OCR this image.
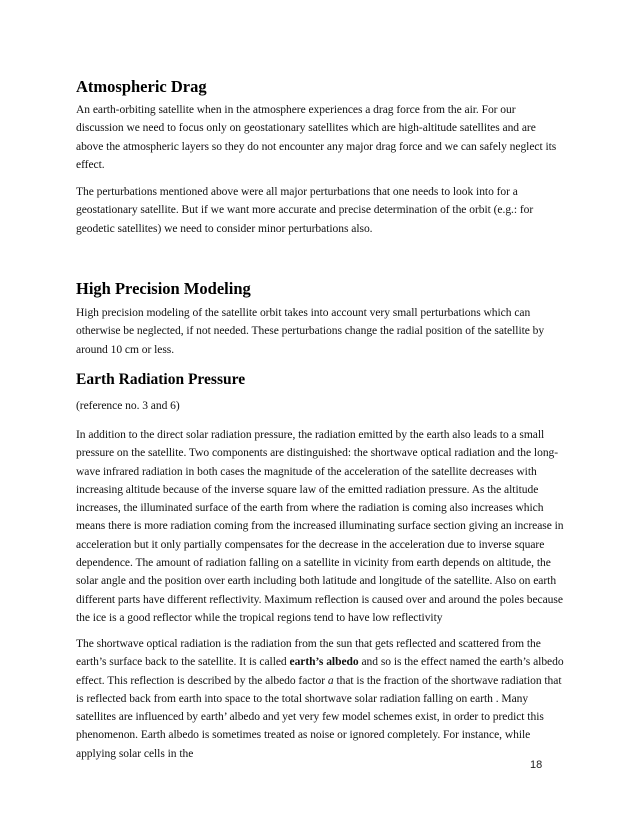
Atmospheric Drag

An earth-orbiting satellite when in the atmosphere experiences a drag force from the air. For our discussion we need to focus only on geostationary satellites which are high-altitude satellites and are above the atmospheric layers so they do not encounter any major drag force and we can safely neglect its effect.

The perturbations mentioned above were all major perturbations that one needs to look into for a geostationary satellite. But if we want more accurate and precise determination of the orbit (e.g.: for geodetic satellites) we need to consider minor perturbations also.

High Precision Modeling

High precision modeling of the satellite orbit takes into account very small perturbations which can otherwise be neglected, if not needed. These perturbations change the radial position of the satellite by around 10 cm or less.

Earth Radiation Pressure

(reference no. 3 and 6)

In addition to the direct solar radiation pressure, the radiation emitted by the earth also leads to a small pressure on the satellite. Two components are distinguished: the shortwave optical radiation and the long-wave infrared radiation in both cases the magnitude of the acceleration of the satellite decreases with increasing altitude because of the inverse square law of the emitted radiation pressure. As the altitude increases, the illuminated surface of the earth from where the radiation is coming also increases which means there is more radiation coming from the increased illuminating surface section giving an increase in acceleration but it only partially compensates for the decrease in the acceleration due to inverse square dependence. The amount of radiation falling on a satellite in vicinity from earth depends on altitude, the solar angle and the position over earth including both latitude and longitude of the satellite. Also on earth different parts have different reflectivity. Maximum reflection is caused over and around the poles because the ice is a good reflector while the tropical regions tend to have low reflectivity

The shortwave optical radiation is the radiation from the sun that gets reflected and scattered from the earth’s surface back to the satellite. It is called earth’s albedo and so is the effect named the earth’s albedo effect. This reflection is described by the albedo factor a that is the fraction of the shortwave radiation that is reflected back from earth into space to the total shortwave solar radiation falling on earth . Many satellites are influenced by earth’ albedo and yet very few model schemes exist, in order to predict this phenomenon. Earth albedo is sometimes treated as noise or ignored completely. For instance, while applying solar cells in the

18
